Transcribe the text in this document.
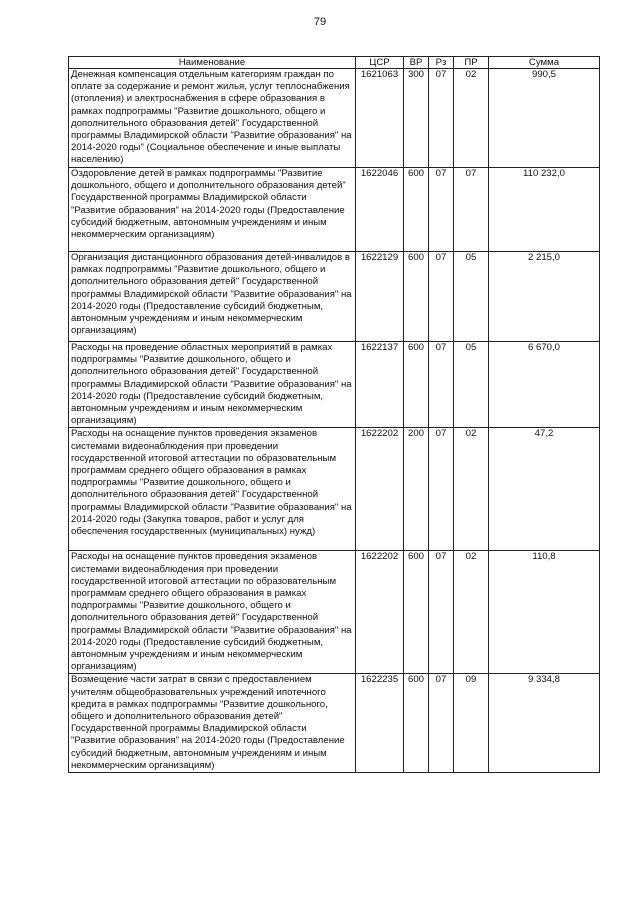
79
Наименование	ЦСР	ВР	Рз	ПР	Сумма
Денежная компенсация отдельным категориям граждан по оплате за содержание и ремонт жилья, услуг теплоснабжения (отопления) и электроснабжения в сфере образования в рамках подпрограммы "Развитие дошкольного, общего и дополнительного образования детей" Государственной программы Владимирской области "Развитие образования" на 2014-2020 годы" (Социальное обеспечение и иные выплаты населению)	1621063	300	07	02	990,5
Оздоровление детей в рамках подпрограммы "Развитие дошкольного, общего и дополнительного образования детей" Государственной программы Владимирской области "Развитие образования" на 2014-2020 годы (Предоставление субсидий бюджетным, автономным учреждениям и иным некоммерческим организациям)	1622046	600	07	07	110 232,0
Организация дистанционного образования детей-инвалидов в рамках подпрограммы "Развитие дошкольного, общего и дополнительного образования детей" Государственной программы Владимирской области "Развитие образования" на 2014-2020 годы (Предоставление субсидий бюджетным, автономным учреждениям и иным некоммерческим организациям)	1622129	600	07	05	2 215,0
Расходы на проведение областных мероприятий в рамках подпрограммы "Развитие дошкольного, общего и дополнительного образования детей" Государственной программы Владимирской области "Развитие образования" на 2014-2020 годы (Предоставление субсидий бюджетным, автономным учреждениям и иным некоммерческим организациям)	1622137	600	07	05	6 670,0
Расходы на оснащение пунктов проведения экзаменов системами видеонаблюдения при проведении государственной итоговой аттестации по образовательным программам среднего общего образования в рамках подпрограммы "Развитие дошкольного, общего и дополнительного образования детей" Государственной программы Владимирской области "Развитие образования" на 2014-2020 годы (Закупка товаров, работ и услуг для обеспечения государственных (муниципальных) нужд)	1622202	200	07	02	47,2
Расходы на оснащение пунктов проведения экзаменов системами видеонаблюдения при проведении государственной итоговой аттестации по образовательным программам среднего общего образования в рамках подпрограммы "Развитие дошкольного, общего и дополнительного образования детей" Государственной программы Владимирской области "Развитие образования" на 2014-2020 годы (Предоставление субсидий бюджетным, автономным учреждениям и иным некоммерческим организациям)	1622202	600	07	02	110,8
Возмещение части затрат в связи с предоставлением учителям общеобразовательных учреждений ипотечного кредита в рамках подпрограммы "Развитие дошкольного, общего и дополнительного образования детей" Государственной программы Владимирской области "Развитие образования" на 2014-2020 годы (Предоставление субсидий бюджетным, автономным учреждениям и иным некоммерческим организациям)	1622235	600	07	09	9 334,8
